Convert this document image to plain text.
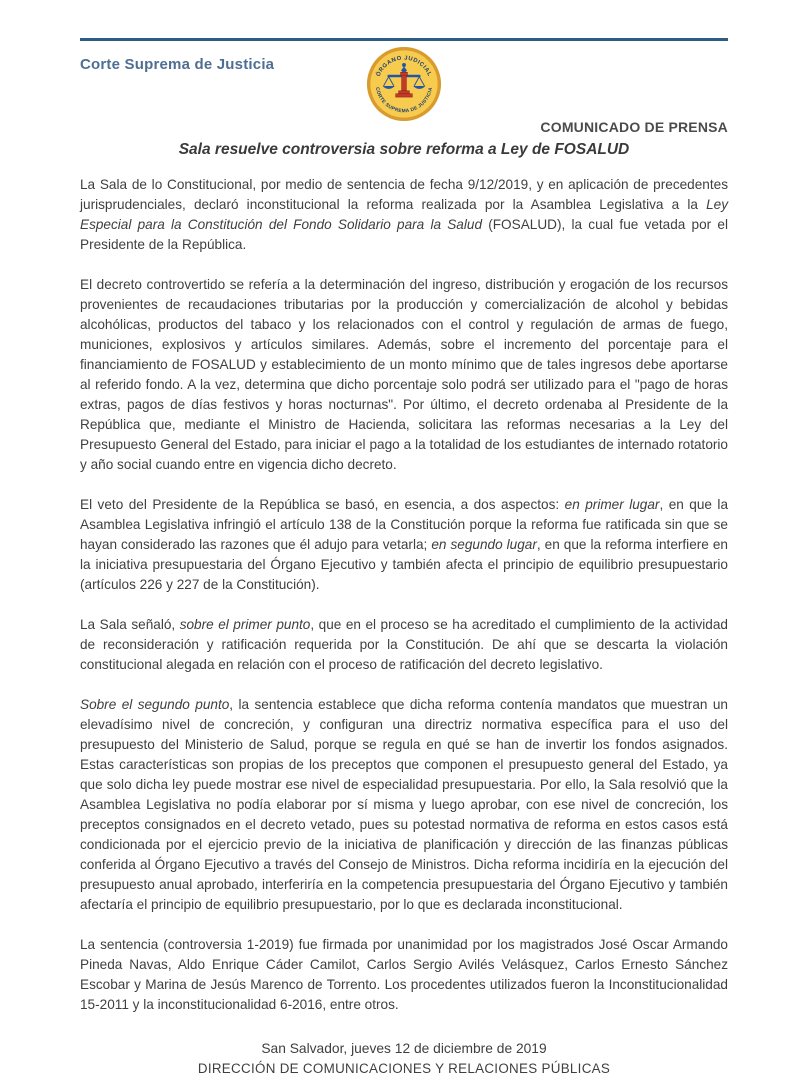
Corte Suprema de Justicia
ÓRGANO JUDICIAL
CORTE SUPREMA DE JUSTICIA
COMUNICADO DE PRENSA
Sala resuelve controversia sobre reforma a Ley de FOSALUD

La Sala de lo Constitucional, por medio de sentencia de fecha 9/12/2019, y en aplicación de precedentes jurisprudenciales, declaró inconstitucional la reforma realizada por la Asamblea Legislativa a la Ley Especial para la Constitución del Fondo Solidario para la Salud (FOSALUD), la cual fue vetada por el Presidente de la República.

El decreto controvertido se refería a la determinación del ingreso, distribución y erogación de los recursos provenientes de recaudaciones tributarias por la producción y comercialización de alcohol y bebidas alcohólicas, productos del tabaco y los relacionados con el control y regulación de armas de fuego, municiones, explosivos y artículos similares. Además, sobre el incremento del porcentaje para el financiamiento de FOSALUD y establecimiento de un monto mínimo que de tales ingresos debe aportarse al referido fondo. A la vez, determina que dicho porcentaje solo podrá ser utilizado para el "pago de horas extras, pagos de días festivos y horas nocturnas". Por último, el decreto ordenaba al Presidente de la República que, mediante el Ministro de Hacienda, solicitara las reformas necesarias a la Ley del Presupuesto General del Estado, para iniciar el pago a la totalidad de los estudiantes de internado rotatorio y año social cuando entre en vigencia dicho decreto.

El veto del Presidente de la República se basó, en esencia, a dos aspectos: en primer lugar, en que la Asamblea Legislativa infringió el artículo 138 de la Constitución porque la reforma fue ratificada sin que se hayan considerado las razones que él adujo para vetarla; en segundo lugar, en que la reforma interfiere en la iniciativa presupuestaria del Órgano Ejecutivo y también afecta el principio de equilibrio presupuestario (artículos 226 y 227 de la Constitución).

La Sala señaló, sobre el primer punto, que en el proceso se ha acreditado el cumplimiento de la actividad de reconsideración y ratificación requerida por la Constitución. De ahí que se descarta la violación constitucional alegada en relación con el proceso de ratificación del decreto legislativo.

Sobre el segundo punto, la sentencia establece que dicha reforma contenía mandatos que muestran un elevadísimo nivel de concreción, y configuran una directriz normativa específica para el uso del presupuesto del Ministerio de Salud, porque se regula en qué se han de invertir los fondos asignados. Estas características son propias de los preceptos que componen el presupuesto general del Estado, ya que solo dicha ley puede mostrar ese nivel de especialidad presupuestaria. Por ello, la Sala resolvió que la Asamblea Legislativa no podía elaborar por sí misma y luego aprobar, con ese nivel de concreción, los preceptos consignados en el decreto vetado, pues su potestad normativa de reforma en estos casos está condicionada por el ejercicio previo de la iniciativa de planificación y dirección de las finanzas públicas conferida al Órgano Ejecutivo a través del Consejo de Ministros. Dicha reforma incidiría en la ejecución del presupuesto anual aprobado, interferiría en la competencia presupuestaria del Órgano Ejecutivo y también afectaría el principio de equilibrio presupuestario, por lo que es declarada inconstitucional.

La sentencia (controversia 1-2019) fue firmada por unanimidad por los magistrados José Oscar Armando Pineda Navas, Aldo Enrique Cáder Camilot, Carlos Sergio Avilés Velásquez, Carlos Ernesto Sánchez Escobar y Marina de Jesús Marenco de Torrento. Los procedentes utilizados fueron la Inconstitucionalidad 15-2011 y la inconstitucionalidad 6-2016, entre otros.

San Salvador, jueves 12 de diciembre de 2019
DIRECCIÓN DE COMUNICACIONES Y RELACIONES PÚBLICAS
